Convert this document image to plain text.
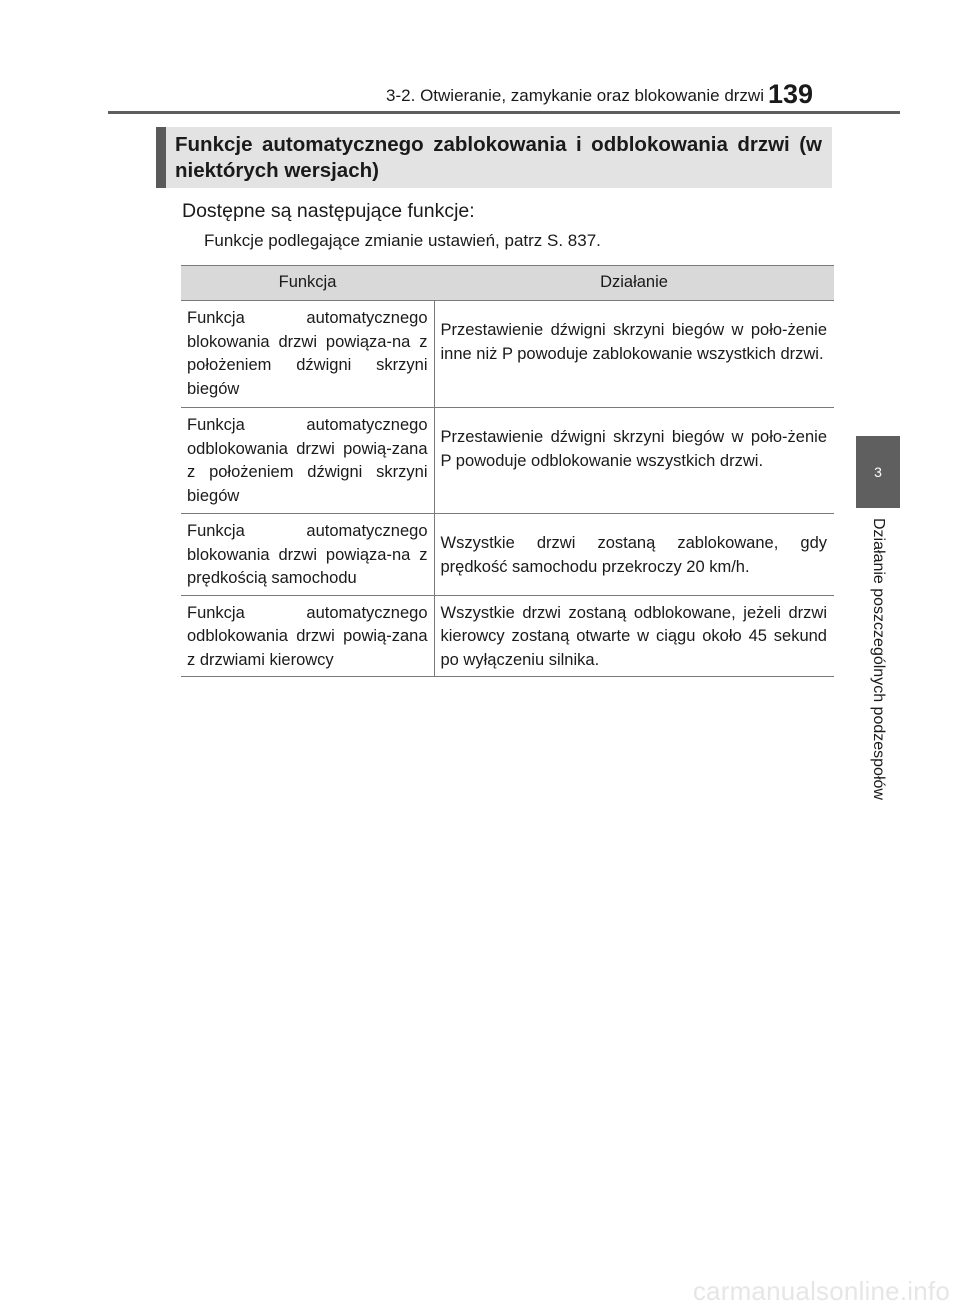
3-2. Otwieranie, zamykanie oraz blokowanie drzwi 139
Funkcje automatycznego zablokowania i odblokowania drzwi (w niektórych wersjach)
Dostępne są następujące funkcje:
Funkcje podlegające zmianie ustawień, patrz S. 837.
Funkcja	Działanie
Funkcja automatycznego blokowania drzwi powiąza-na z położeniem dźwigni skrzyni biegów	Przestawienie dźwigni skrzyni biegów w poło-żenie inne niż P powoduje zablokowanie wszystkich drzwi.
Funkcja automatycznego odblokowania drzwi powią-zana z położeniem dźwigni skrzyni biegów	Przestawienie dźwigni skrzyni biegów w poło-żenie P powoduje odblokowanie wszystkich drzwi.
Funkcja automatycznego blokowania drzwi powiąza-na z prędkością samochodu	Wszystkie drzwi zostaną zablokowane, gdy prędkość samochodu przekroczy 20 km/h.
Funkcja automatycznego odblokowania drzwi powią-zana z drzwiami kierowcy	Wszystkie drzwi zostaną odblokowane, jeżeli drzwi kierowcy zostaną otwarte w ciągu około 45 sekund po wyłączeniu silnika.
3
Działanie poszczególnych podzespołów
carmanualsonline.info
